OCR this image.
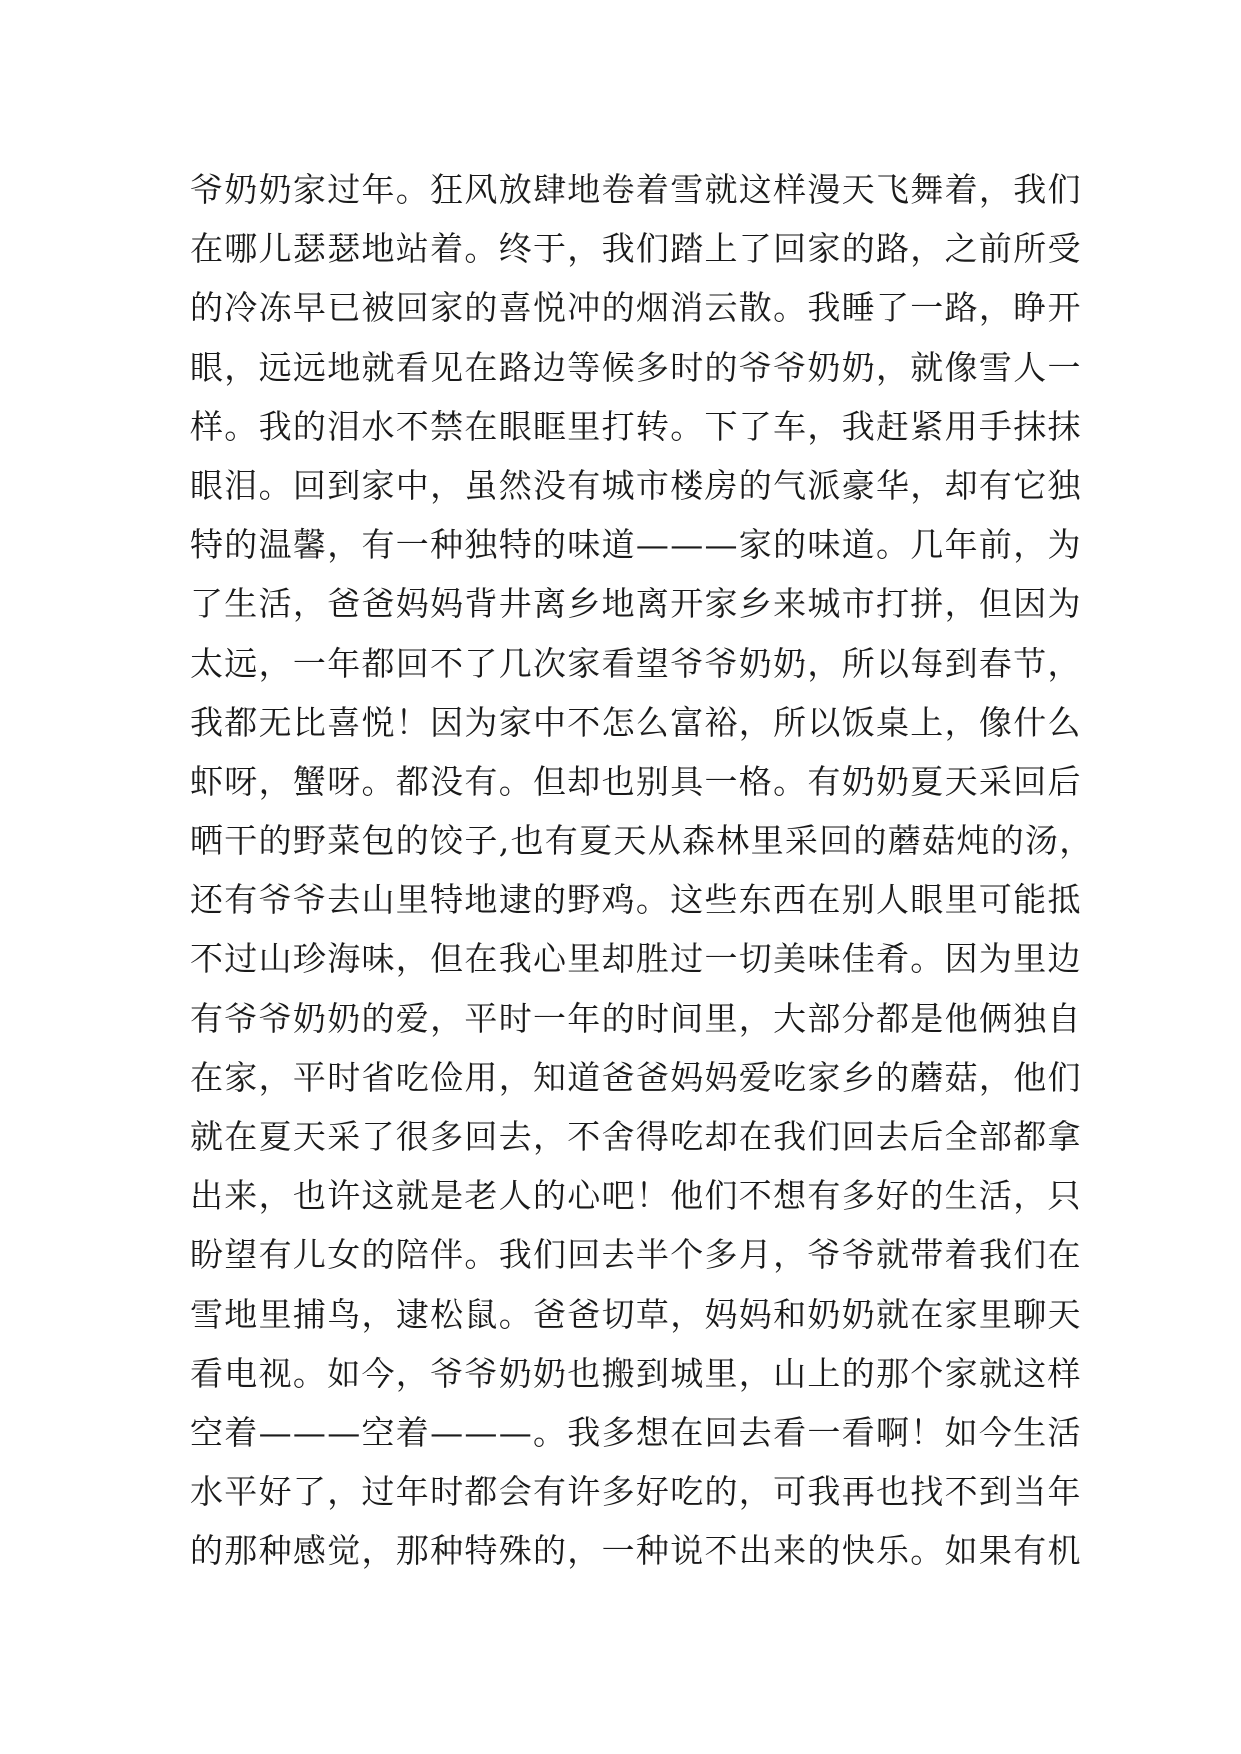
爷奶奶家过年。狂风放肆地卷着雪就这样漫天飞舞着，我们
在哪儿瑟瑟地站着。终于，我们踏上了回家的路，之前所受
的冷冻早已被回家的喜悦冲的烟消云散。我睡了一路，睁开
眼，远远地就看见在路边等候多时的爷爷奶奶，就像雪人一
样。我的泪水不禁在眼眶里打转。下了车，我赶紧用手抹抹
眼泪。回到家中，虽然没有城市楼房的气派豪华，却有它独
特的温馨，有一种独特的味道———家的味道。几年前，为
了生活，爸爸妈妈背井离乡地离开家乡来城市打拼，但因为
太远，一年都回不了几次家看望爷爷奶奶，所以每到春节，
我都无比喜悦！因为家中不怎么富裕，所以饭桌上，像什么
虾呀，蟹呀。都没有。但却也别具一格。有奶奶夏天采回后
晒干的野菜包的饺子,也有夏天从森林里采回的蘑菇炖的汤，
还有爷爷去山里特地逮的野鸡。这些东西在别人眼里可能抵
不过山珍海味，但在我心里却胜过一切美味佳肴。因为里边
有爷爷奶奶的爱，平时一年的时间里，大部分都是他俩独自
在家，平时省吃俭用，知道爸爸妈妈爱吃家乡的蘑菇，他们
就在夏天采了很多回去，不舍得吃却在我们回去后全部都拿
出来，也许这就是老人的心吧！他们不想有多好的生活，只
盼望有儿女的陪伴。我们回去半个多月，爷爷就带着我们在
雪地里捕鸟，逮松鼠。爸爸切草，妈妈和奶奶就在家里聊天
看电视。如今，爷爷奶奶也搬到城里，山上的那个家就这样
空着———空着———。我多想在回去看一看啊！如今生活
水平好了，过年时都会有许多好吃的，可我再也找不到当年
的那种感觉，那种特殊的，一种说不出来的快乐。如果有机
